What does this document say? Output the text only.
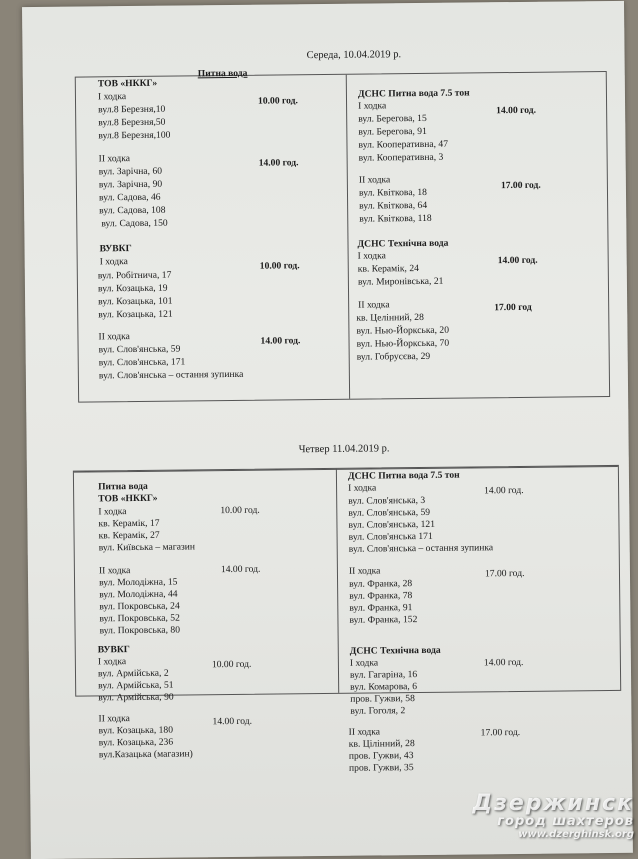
Середа, 10.04.2019 р.
Питна вода
ТОВ «НККГ»
І ходка	10.00 год.
вул.8 Березня,10
вул.8 Березня,50
вул.8 Березня,100
ІІ ходка	14.00 год.
вул. Зарічна, 60
вул. Зарічна, 90
вул. Садова, 46
вул. Садова, 108
вул. Садова, 150
ВУВКГ
І ходка	10.00 год.
вул. Робітнича, 17
вул. Козацька, 19
вул. Козацька, 101
вул. Козацька, 121
ІІ ходка	14.00 год.
вул. Слов'янська, 59
вул. Слов'янська, 171
вул. Слов'янська – остання зупинка
ДСНС Питна вода 7.5 тон
І ходка	14.00 год.
вул. Берегова, 15
вул. Берегова, 91
вул. Кооперативна, 47
вул. Кооперативна, 3
ІІ ходка	17.00 год.
вул. Квіткова, 18
вул. Квіткова, 64
вул. Квіткова, 118
ДСНС Технічна вода
І ходка	14.00 год.
кв. Керамік, 24
вул. Миронівська, 21
ІІ ходка	17.00 год
кв. Целінний, 28
вул. Нью-Йоркська, 20
вул. Нью-Йоркська, 70
вул. Гобрусєва, 29
Четвер 11.04.2019 р.
Питна вода
ТОВ «НККГ»
І ходка	10.00 год.
кв. Керамік, 17
кв. Керамік, 27
вул. Київська – магазин
ІІ ходка	14.00 год.
вул. Молодіжна, 15
вул. Молодіжна, 44
вул. Покровська, 24
вул. Покровська, 52
вул. Покровська, 80
ВУВКГ
І ходка	10.00 год.
вул. Армійська, 2
вул. Армійська, 51
вул. Армійська, 90
ІІ ходка	14.00 год.
вул. Козацька, 180
вул. Козацька, 236
вул.Казацька (магазин)
ДСНС Питна вода 7.5 тон
І ходка	14.00 год.
вул. Слов'янська, 3
вул. Слов'янська, 59
вул. Слов'янська, 121
вул. Слов'янська 171
вул. Слов'янська – остання зупинка
ІІ ходка	17.00 год.
вул. Франка, 28
вул. Франка, 78
вул. Франка, 91
вул. Франка, 152
ДСНС Технічна вода
І ходка	14.00 год.
вул. Гагаріна, 16
вул. Комарова, 6
пров. Гужви, 58
вул. Гоголя, 2
ІІ ходка	17.00 год.
кв. Цілінний, 28
пров. Гужви, 43
пров. Гужви, 35
Дзержинск
город шахтеров
www.dzerghinsk.org
